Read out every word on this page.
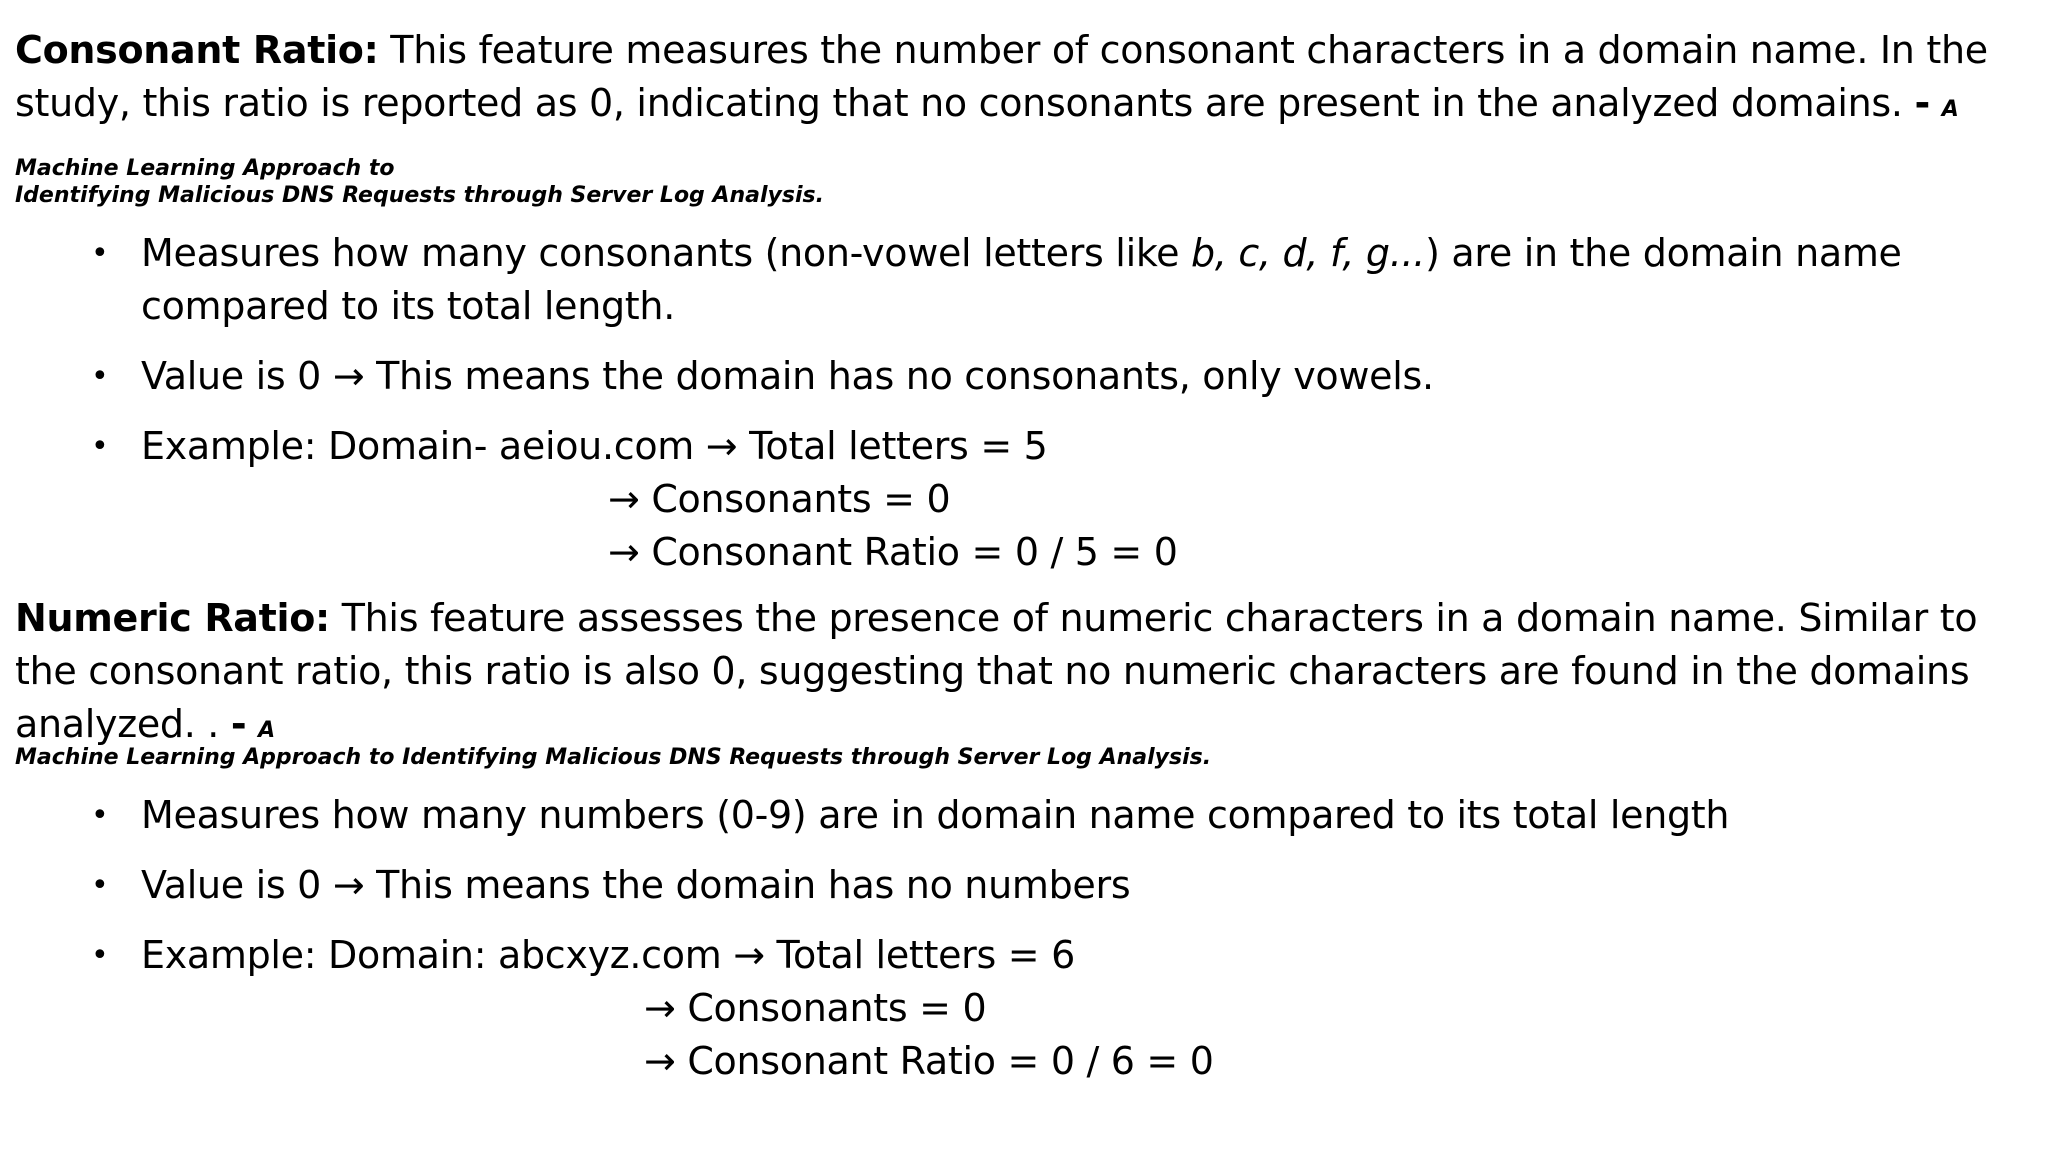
Consonant Ratio: This feature measures the number of consonant characters in a domain name. In the study, this ratio is reported as 0, indicating that no consonants are present in the analyzed domains. - A Machine Learning Approach to
Identifying Malicious DNS Requests through Server Log Analysis.

• Measures how many consonants (non-vowel letters like b, c, d, f, g...) are in the domain name compared to its total length.
• Value is 0 → This means the domain has no consonants, only vowels.
• Example: Domain- aeiou.com → Total letters = 5
→ Consonants = 0
→ Consonant Ratio = 0 / 5 = 0

Numeric Ratio: This feature assesses the presence of numeric characters in a domain name. Similar to the consonant ratio, this ratio is also 0, suggesting that no numeric characters are found in the domains analyzed. . - A
Machine Learning Approach to Identifying Malicious DNS Requests through Server Log Analysis.

• Measures how many numbers (0-9) are in domain name compared to its total length
• Value is 0 → This means the domain has no numbers
• Example: Domain: abcxyz.com → Total letters = 6
→ Consonants = 0
→ Consonant Ratio = 0 / 6 = 0
